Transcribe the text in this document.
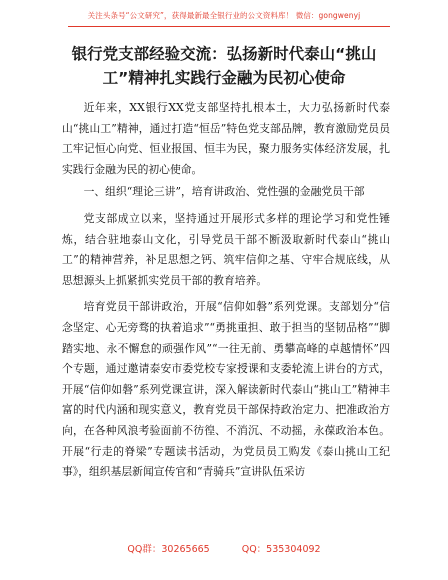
关注头条号“公文研究”，获得最新最全银行业的公文资料库！ 微信：gongwenyj
银行党支部经验交流：弘扬新时代泰山“挑山工”精神扎实践行金融为民初心使命

近年来，XX银行XX党支部坚持扎根本土，大力弘扬新时代泰山“挑山工”精神，通过打造“恒岳”特色党支部品牌，教育激励党员员工牢记恒心向党、恒业报国、恒丰为民，聚力服务实体经济发展，扎实践行金融为民的初心使命。

一、组织“理论三讲”，培育讲政治、党性强的金融党员干部

党支部成立以来，坚持通过开展形式多样的理论学习和党性锤炼，结合驻地泰山文化，引导党员干部不断汲取新时代泰山“挑山工”的精神营养，补足思想之钙、筑牢信仰之基、守牢合规底线，从思想源头上抓紧抓实党员干部的教育培养。

培育党员干部讲政治，开展“信仰如磐”系列党课。支部划分“信念坚定、心无旁骛的执着追求”“勇挑重担、敢于担当的坚韧品格”“脚踏实地、永不懈怠的顽强作风”“一往无前、勇攀高峰的卓越情怀”四个专题，通过邀请泰安市委党校专家授课和支委轮流上讲台的方式，开展“信仰如磐”系列党课宣讲，深入解读新时代泰山“挑山工”精神丰富的时代内涵和现实意义，教育党员干部保持政治定力、把准政治方向，在各种风浪考验面前不彷徨、不消沉、不动摇，永葆政治本色。开展“行走的脊梁”专题读书活动，为党员员工购发《泰山挑山工纪事》，组织基层新闻宣传官和“青骑兵”宣讲队伍采访

QQ群：30265665	QQ：535304092
